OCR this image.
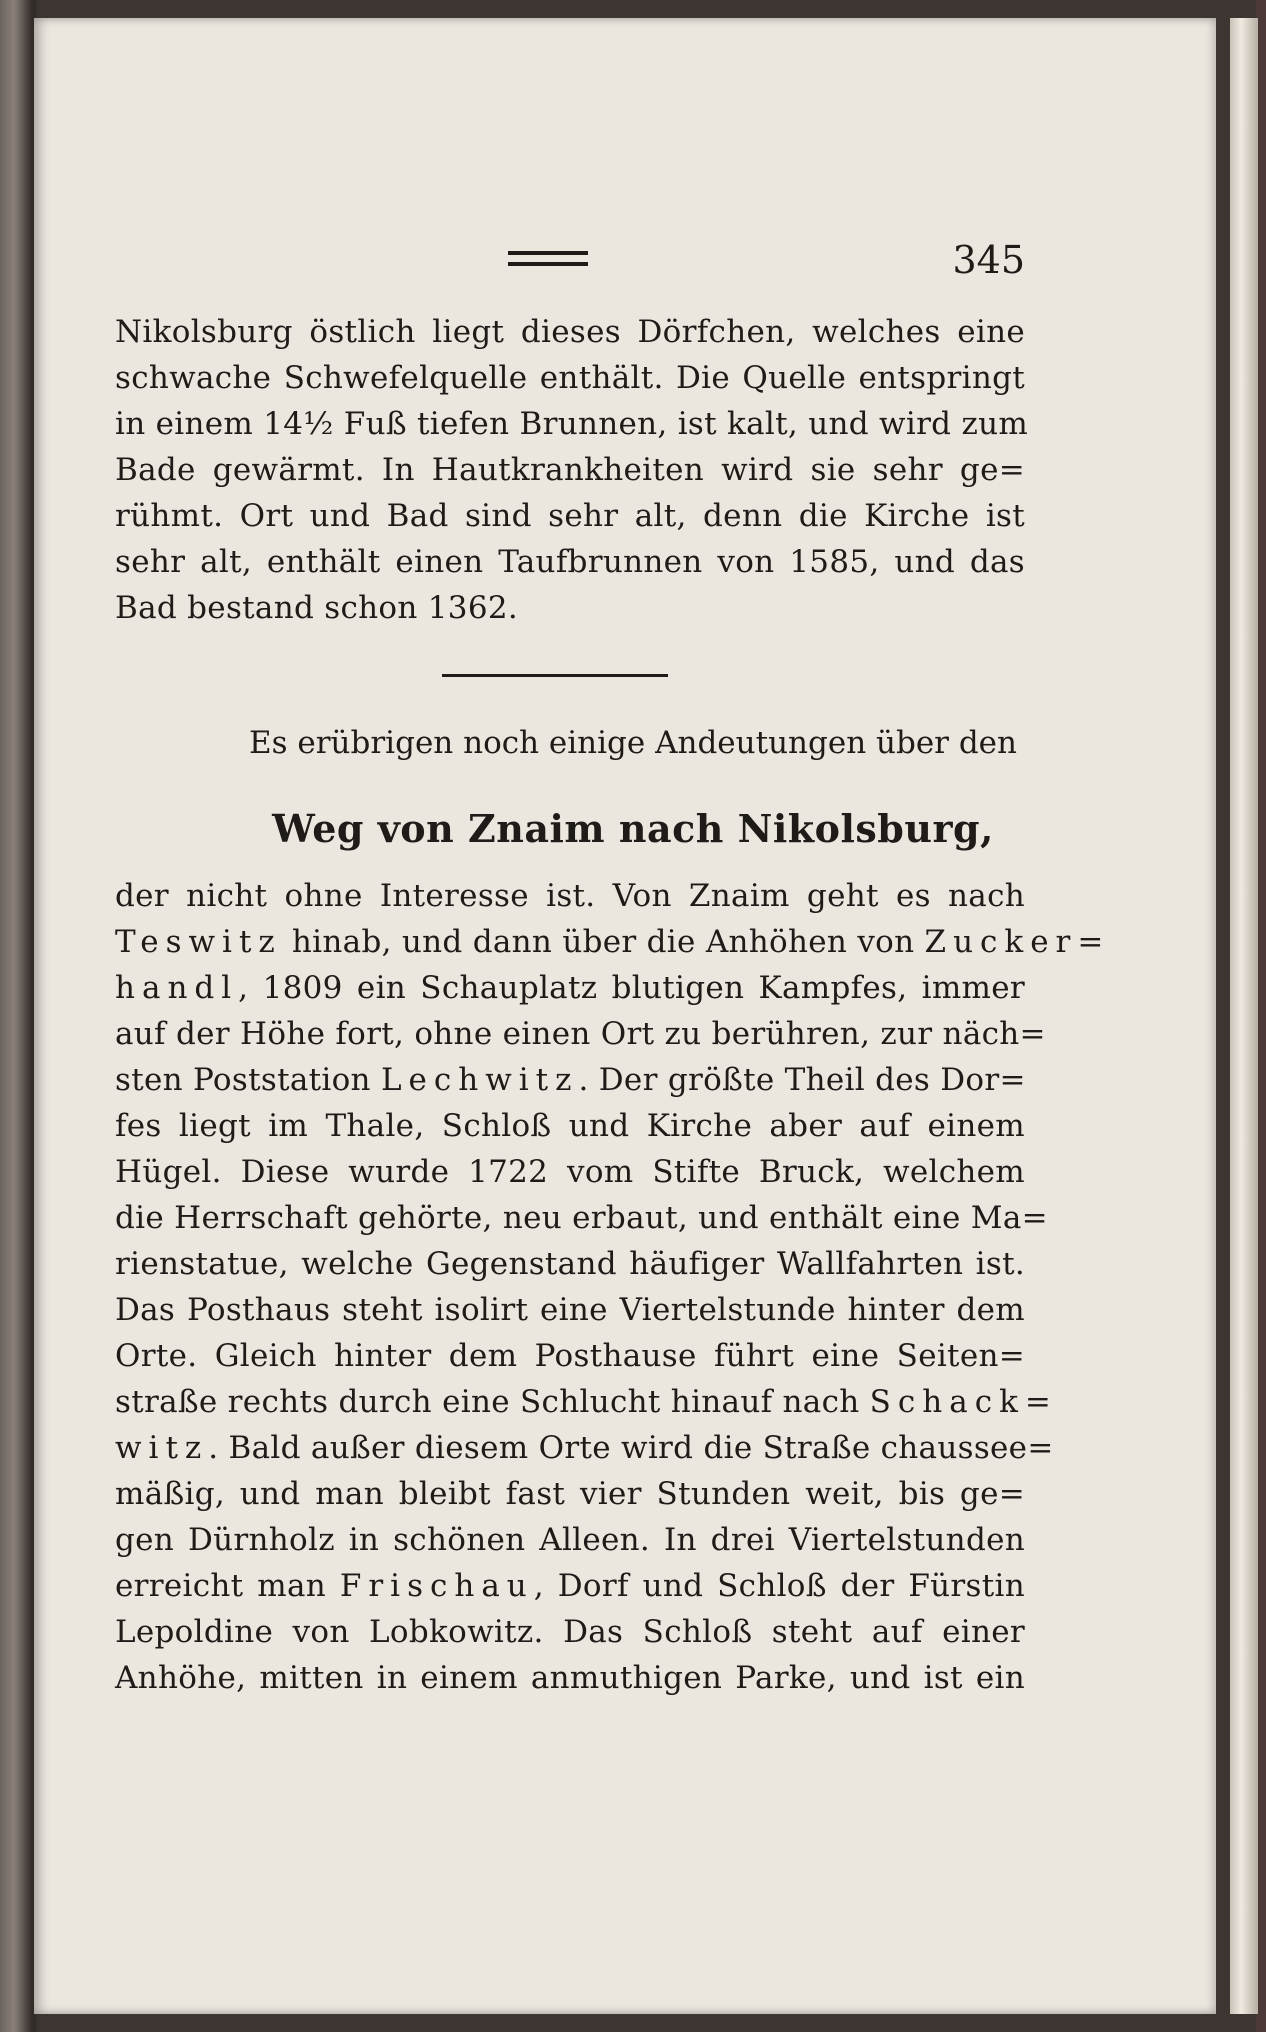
345
Nikolsburg östlich liegt dieses Dörfchen, welches eine
schwache Schwefelquelle enthält. Die Quelle entspringt
in einem 14½ Fuß tiefen Brunnen, ist kalt, und wird zum
Bade gewärmt. In Hautkrankheiten wird sie sehr ge=
rühmt. Ort und Bad sind sehr alt, denn die Kirche ist
sehr alt, enthält einen Taufbrunnen von 1585, und das
Bad bestand schon 1362.
Es erübrigen noch einige Andeutungen über den
Weg von Znaim nach Nikolsburg,
der nicht ohne Interesse ist. Von Znaim geht es nach
Teswitz hinab, und dann über die Anhöhen von Zucker=
handl, 1809 ein Schauplatz blutigen Kampfes, immer
auf der Höhe fort, ohne einen Ort zu berühren, zur näch=
sten Poststation Lechwitz. Der größte Theil des Dor=
fes liegt im Thale, Schloß und Kirche aber auf einem
Hügel. Diese wurde 1722 vom Stifte Bruck, welchem
die Herrschaft gehörte, neu erbaut, und enthält eine Ma=
rienstatue, welche Gegenstand häufiger Wallfahrten ist.
Das Posthaus steht isolirt eine Viertelstunde hinter dem
Orte. Gleich hinter dem Posthause führt eine Seiten=
straße rechts durch eine Schlucht hinauf nach Schack=
witz. Bald außer diesem Orte wird die Straße chaussee=
mäßig, und man bleibt fast vier Stunden weit, bis ge=
gen Dürnholz in schönen Alleen. In drei Viertelstunden
erreicht man Frischau, Dorf und Schloß der Fürstin
Lepoldine von Lobkowitz. Das Schloß steht auf einer
Anhöhe, mitten in einem anmuthigen Parke, und ist ein
